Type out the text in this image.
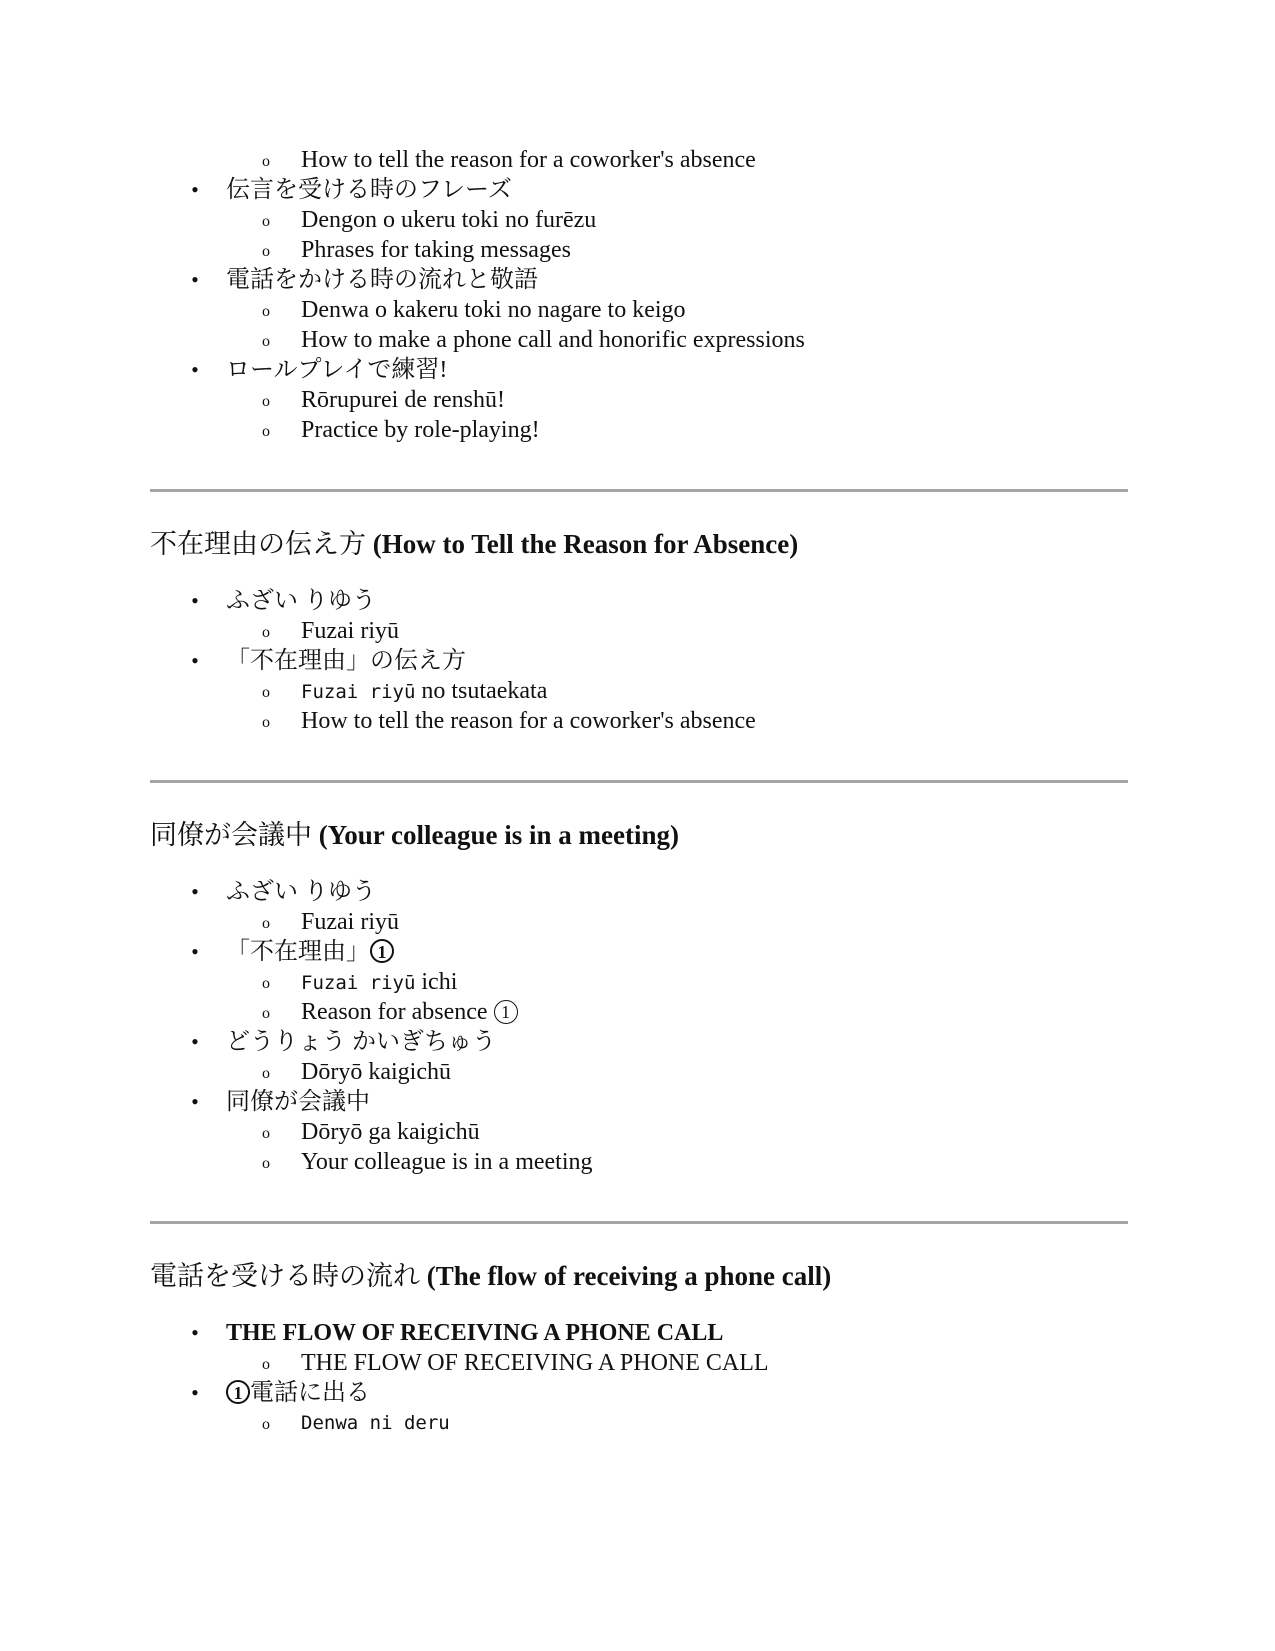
o How to tell the reason for a coworker's absence
• 伝言を受ける時のフレーズ
o Dengon o ukeru toki no furēzu
o Phrases for taking messages
• 電話をかける時の流れと敬語
o Denwa o kakeru toki no nagare to keigo
o How to make a phone call and honorific expressions
• ロールプレイで練習!
o Rōrupurei de renshū!
o Practice by role-playing!
不在理由の伝え方 (How to Tell the Reason for Absence)
• ふざい りゆう
o Fuzai riyū
• 「不在理由」の伝え方
o Fuzai riyū no tsutaekata
o How to tell the reason for a coworker's absence
同僚が会議中 (Your colleague is in a meeting)
• ふざい りゆう
o Fuzai riyū
• 「不在理由」 1
o Fuzai riyū ichi
o Reason for absence 1
• どうりょう かいぎちゅう
o Dōryō kaigichū
• 同僚が会議中
o Dōryō ga kaigichū
o Your colleague is in a meeting
電話を受ける時の流れ (The flow of receiving a phone call)
• THE FLOW OF RECEIVING A PHONE CALL
o THE FLOW OF RECEIVING A PHONE CALL
•	1 電話に出る
o Denwa ni deru
